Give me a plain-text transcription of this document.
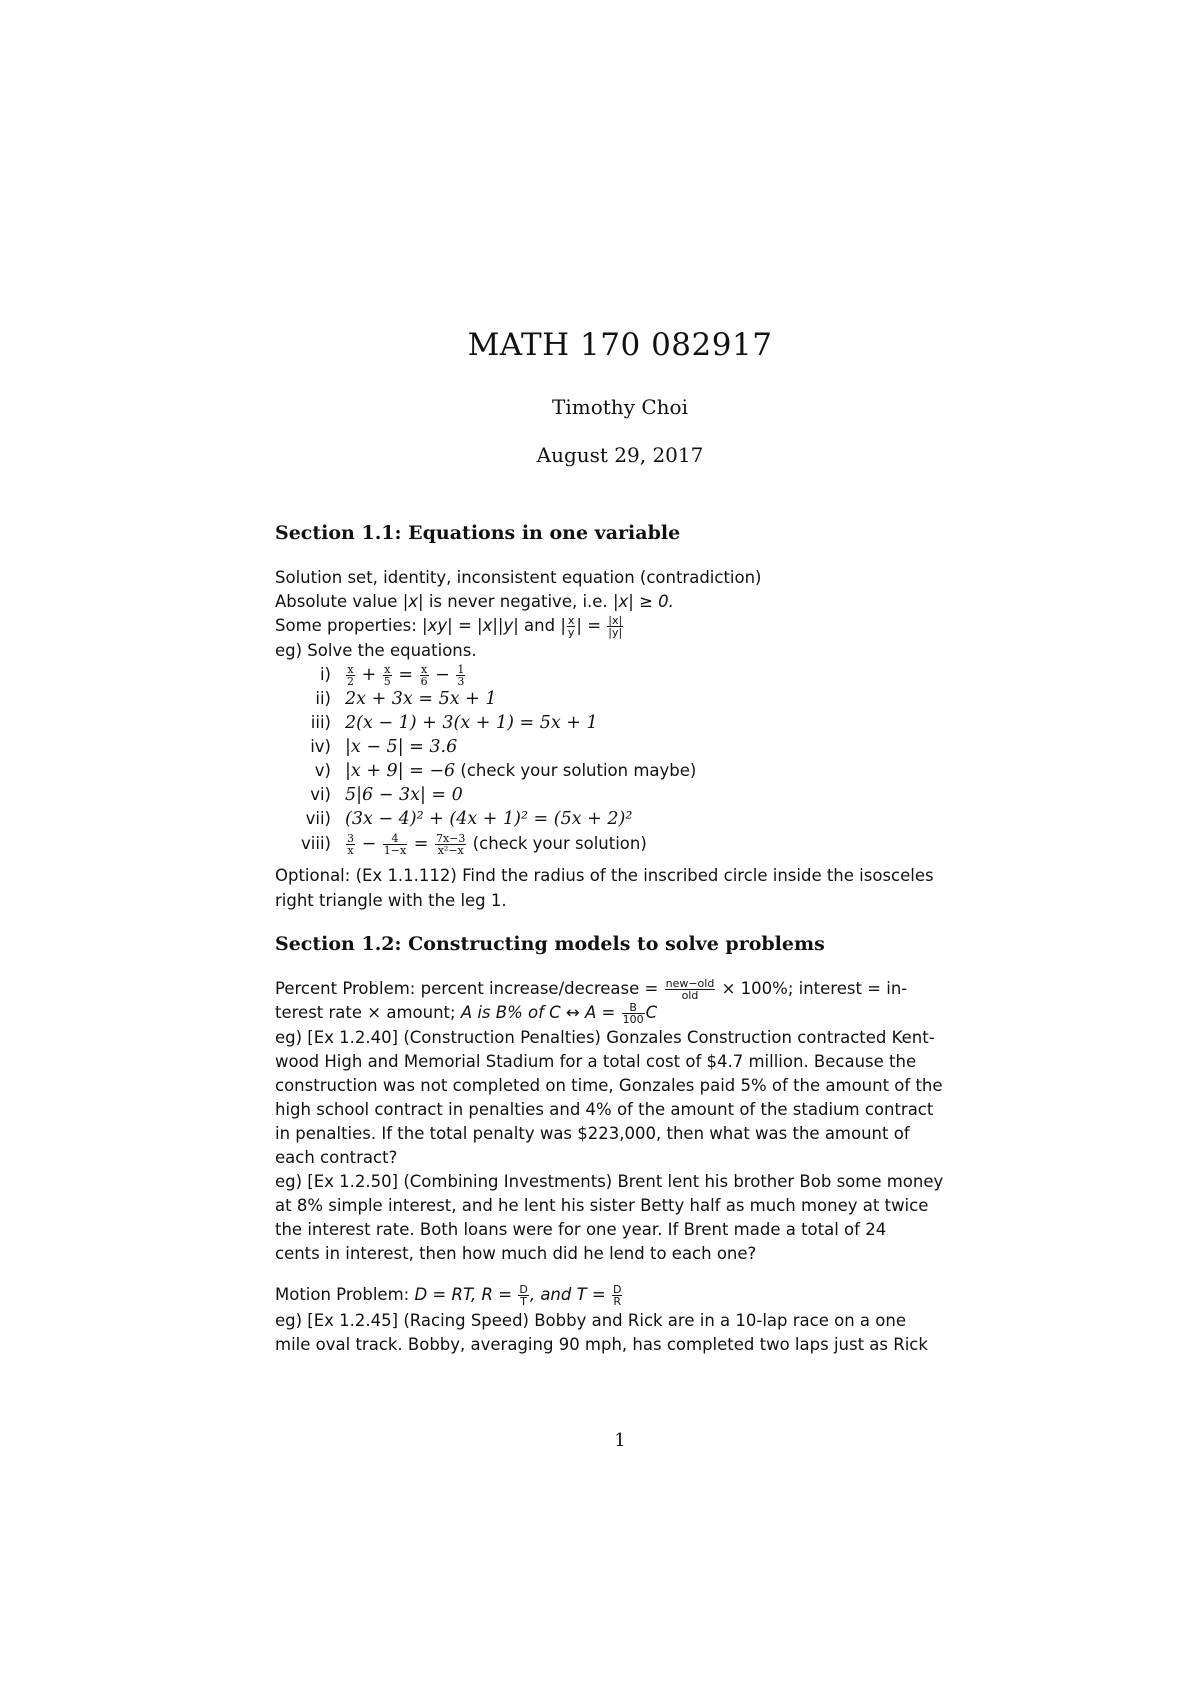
MATH 170 082917
Timothy Choi
August 29, 2017
Section 1.1: Equations in one variable
Solution set, identity, inconsistent equation (contradiction)
Absolute value |x| is never negative, i.e. |x| ≥ 0.
Some properties: |xy| = |x||y| and | $\frac{x}{y}$ | = $\frac{|x|}{|y|}$
eg) Solve the equations.
$i) \frac{x}{2} + \frac{x}{5} = \frac{x}{6} - \frac{1}{3}$
ii) 2x + 3x = 5x + 1
iii) 2(x − 1) + 3(x + 1) = 5x + 1
iv) |x − 5| = 3.6
v) |x + 9| = −6 (check your solution maybe)
vi) 5|6 − 3x| = 0
vii) (3x − 4)² + (4x + 1)² = (5x + 2)²
viii) $\frac{3}{x} - \frac{4}{1-x} = \frac{7x-3}{\text{x²−x}}$ (check your solution)
Optional: (Ex 1.1.112) Find the radius of the inscribed circle inside the isosceles
right triangle with the leg 1.
Section 1.2: Constructing models to solve problems
Percent Problem: percent increase/decrease = $\frac{\text{new−old}}{\text{old}} \times 100\%$; interest = in-
terest rate × amount; A is B% of C ↔ $A = \frac{B}{100}$ C
eg) [Ex 1.2.40] (Construction Penalties) Gonzales Construction contracted Kent-
wood High and Memorial Stadium for a total cost of $4.7 million. Because the
construction was not completed on time, Gonzales paid 5% of the amount of the
high school contract in penalties and 4% of the amount of the stadium contract
in penalties. If the total penalty was $223,000, then what was the amount of
each contract?
eg) [Ex 1.2.50] (Combining Investments) Brent lent his brother Bob some money
at 8% simple interest, and he lent his sister Betty half as much money at twice
the interest rate. Both loans were for one year. If Brent made a total of 24
cents in interest, then how much did he lend to each one?
Motion Problem: D = RT, $R = \frac{D}{T}$ , and $T = \frac{D}{R}$
eg) [Ex 1.2.45] (Racing Speed) Bobby and Rick are in a 10-lap race on a one
mile oval track. Bobby, averaging 90 mph, has completed two laps just as Rick
1
